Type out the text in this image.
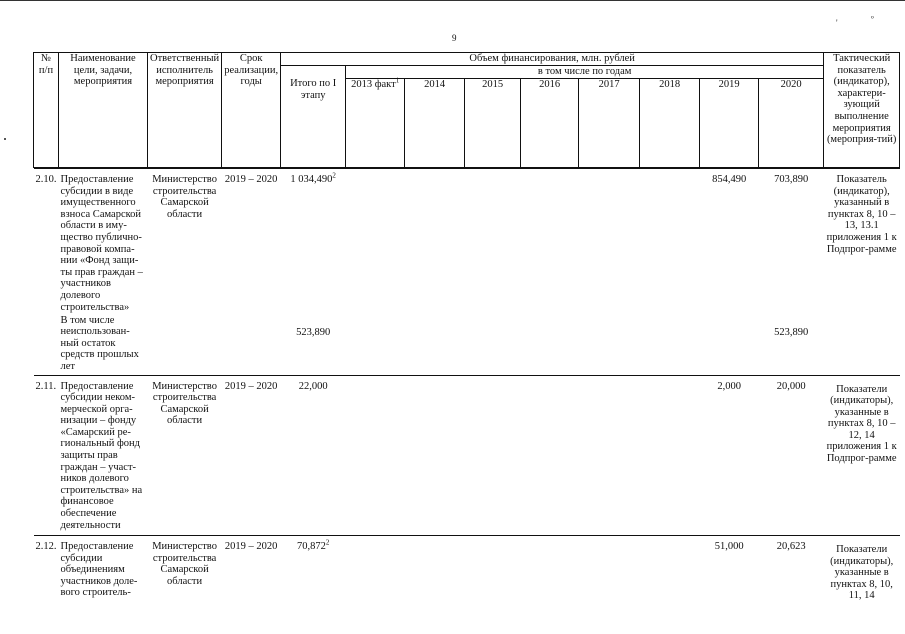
9
'	º
№ п/п	Наименование цели, задачи, мероприятия	Ответственный исполнитель мероприятия	Срок реализации, годы	Объем финансирования, млн. рублей									Тактический показатель (индикатор), характери-зующий выполнение мероприятия (мероприя-тий)
				Итого по I этапу	в том числе по годам								
					2013 факт$^1$	2014	2015	2016	2017	2018	2019	2020	

2.10.	Предоставление субсидии в виде имущественного взноса Самарской области в иму-щество публично-правовой компа-нии «Фонд защи-ты прав граждан – участников долевого строительства»	Министерство строительства Самарской области	2019 – 2020	1 034,490$^2$							854,490	703,890	Показатель (индикатор), указанный в пунктах 8, 10 – 13, 13.1 приложения 1 к Подпрог-рамме
	В том числе неиспользован-ный остаток средств прошлых лет			523,890								523,890	

2.11.	Предоставление субсидии неком-мерческой орга-низации – фонду «Самарский ре-гиональный фонд защиты прав граждан – участ-ников долевого строительства» на финансовое обеспечение деятельности	Министерство строительства Самарской области	2019 – 2020	22,000							2,000	20,000	Показатели (индикаторы), указанные в пунктах 8, 10 – 12, 14 приложения 1 к Подпрог-рамме

2.12.	Предоставление субсидии объединениям участников доле-вого строитель-	Министерство строительства Самарской области	2019 – 2020	70,872$^2$							51,000	20,623	Показатели (индикаторы), указанные в пунктах 8, 10, 11, 14
